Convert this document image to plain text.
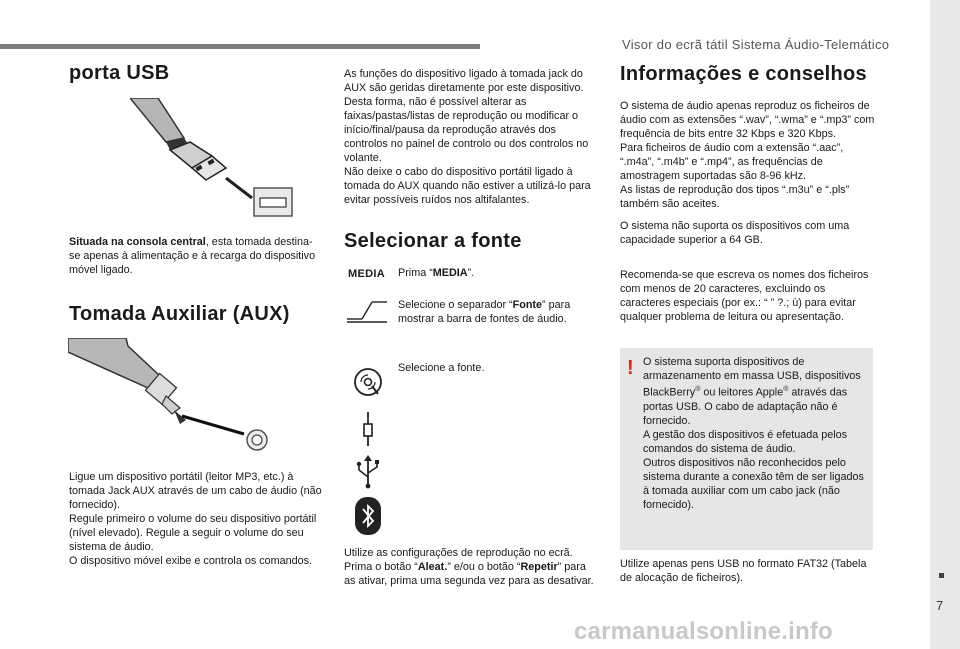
Visor do ecrã tátil Sistema Áudio-Telemático
7
carmanualsonline.info
porta USB

Situada na consola central, esta tomada destina-se apenas à alimentação e à recarga do dispositivo móvel ligado.

Tomada Auxiliar (AUX)

Ligue um dispositivo portátil (leitor MP3, etc.) à tomada Jack AUX através de um cabo de áudio (não fornecido).
Regule primeiro o volume do seu dispositivo portátil (nível elevado). Regule a seguir o volume do seu sistema de áudio.
O dispositivo móvel exibe e controla os comandos.

As funções do dispositivo ligado à tomada jack do AUX são geridas diretamente por este dispositivo.
Desta forma, não é possível alterar as faixas/pastas/listas de reprodução ou modificar o início/final/pausa da reprodução através dos controlos no painel de controlo ou dos controlos no volante.
Não deixe o cabo do dispositivo portátil ligado à tomada do AUX quando não estiver a utilizá-lo para evitar possíveis ruídos nos altifalantes.

Selecionar a fonte
MEDIA Prima “MEDIA”.

Selecione o separador “Fonte” para mostrar a barra de fontes de áudio.

Selecione a fonte.

Utilize as configurações de reprodução no ecrã.
Prima o botão “Aleat.” e/ou o botão “Repetir” para as ativar, prima uma segunda vez para as desativar.

Informações e conselhos

O sistema de áudio apenas reproduz os ficheiros de áudio com as extensões “.wav”, “.wma” e “.mp3” com frequência de bits entre 32 Kbps e 320 Kbps.
Para ficheiros de áudio com a extensão “.aac”, “.m4a”, “.m4b” e “.mp4”, as frequências de amostragem suportadas são 8-96 kHz.
As listas de reprodução dos tipos “.m3u” e “.pls” também são aceites.

O sistema não suporta os dispositivos com uma capacidade superior a 64 GB.

Recomenda-se que escreva os nomes dos ficheiros com menos de 20 caracteres, excluindo os caracteres especiais (por ex.: “ ” ?.; ù) para evitar qualquer problema de leitura ou apresentação.

! O sistema suporta dispositivos de armazenamento em massa USB, dispositivos BlackBerry® ou leitores Apple® através das portas USB. O cabo de adaptação não é fornecido.
A gestão dos dispositivos é efetuada pelos comandos do sistema de áudio.
Outros dispositivos não reconhecidos pelo sistema durante a conexão têm de ser ligados à tomada auxiliar com um cabo jack (não fornecido).

Utilize apenas pens USB no formato FAT32 (Tabela de alocação de ficheiros).
